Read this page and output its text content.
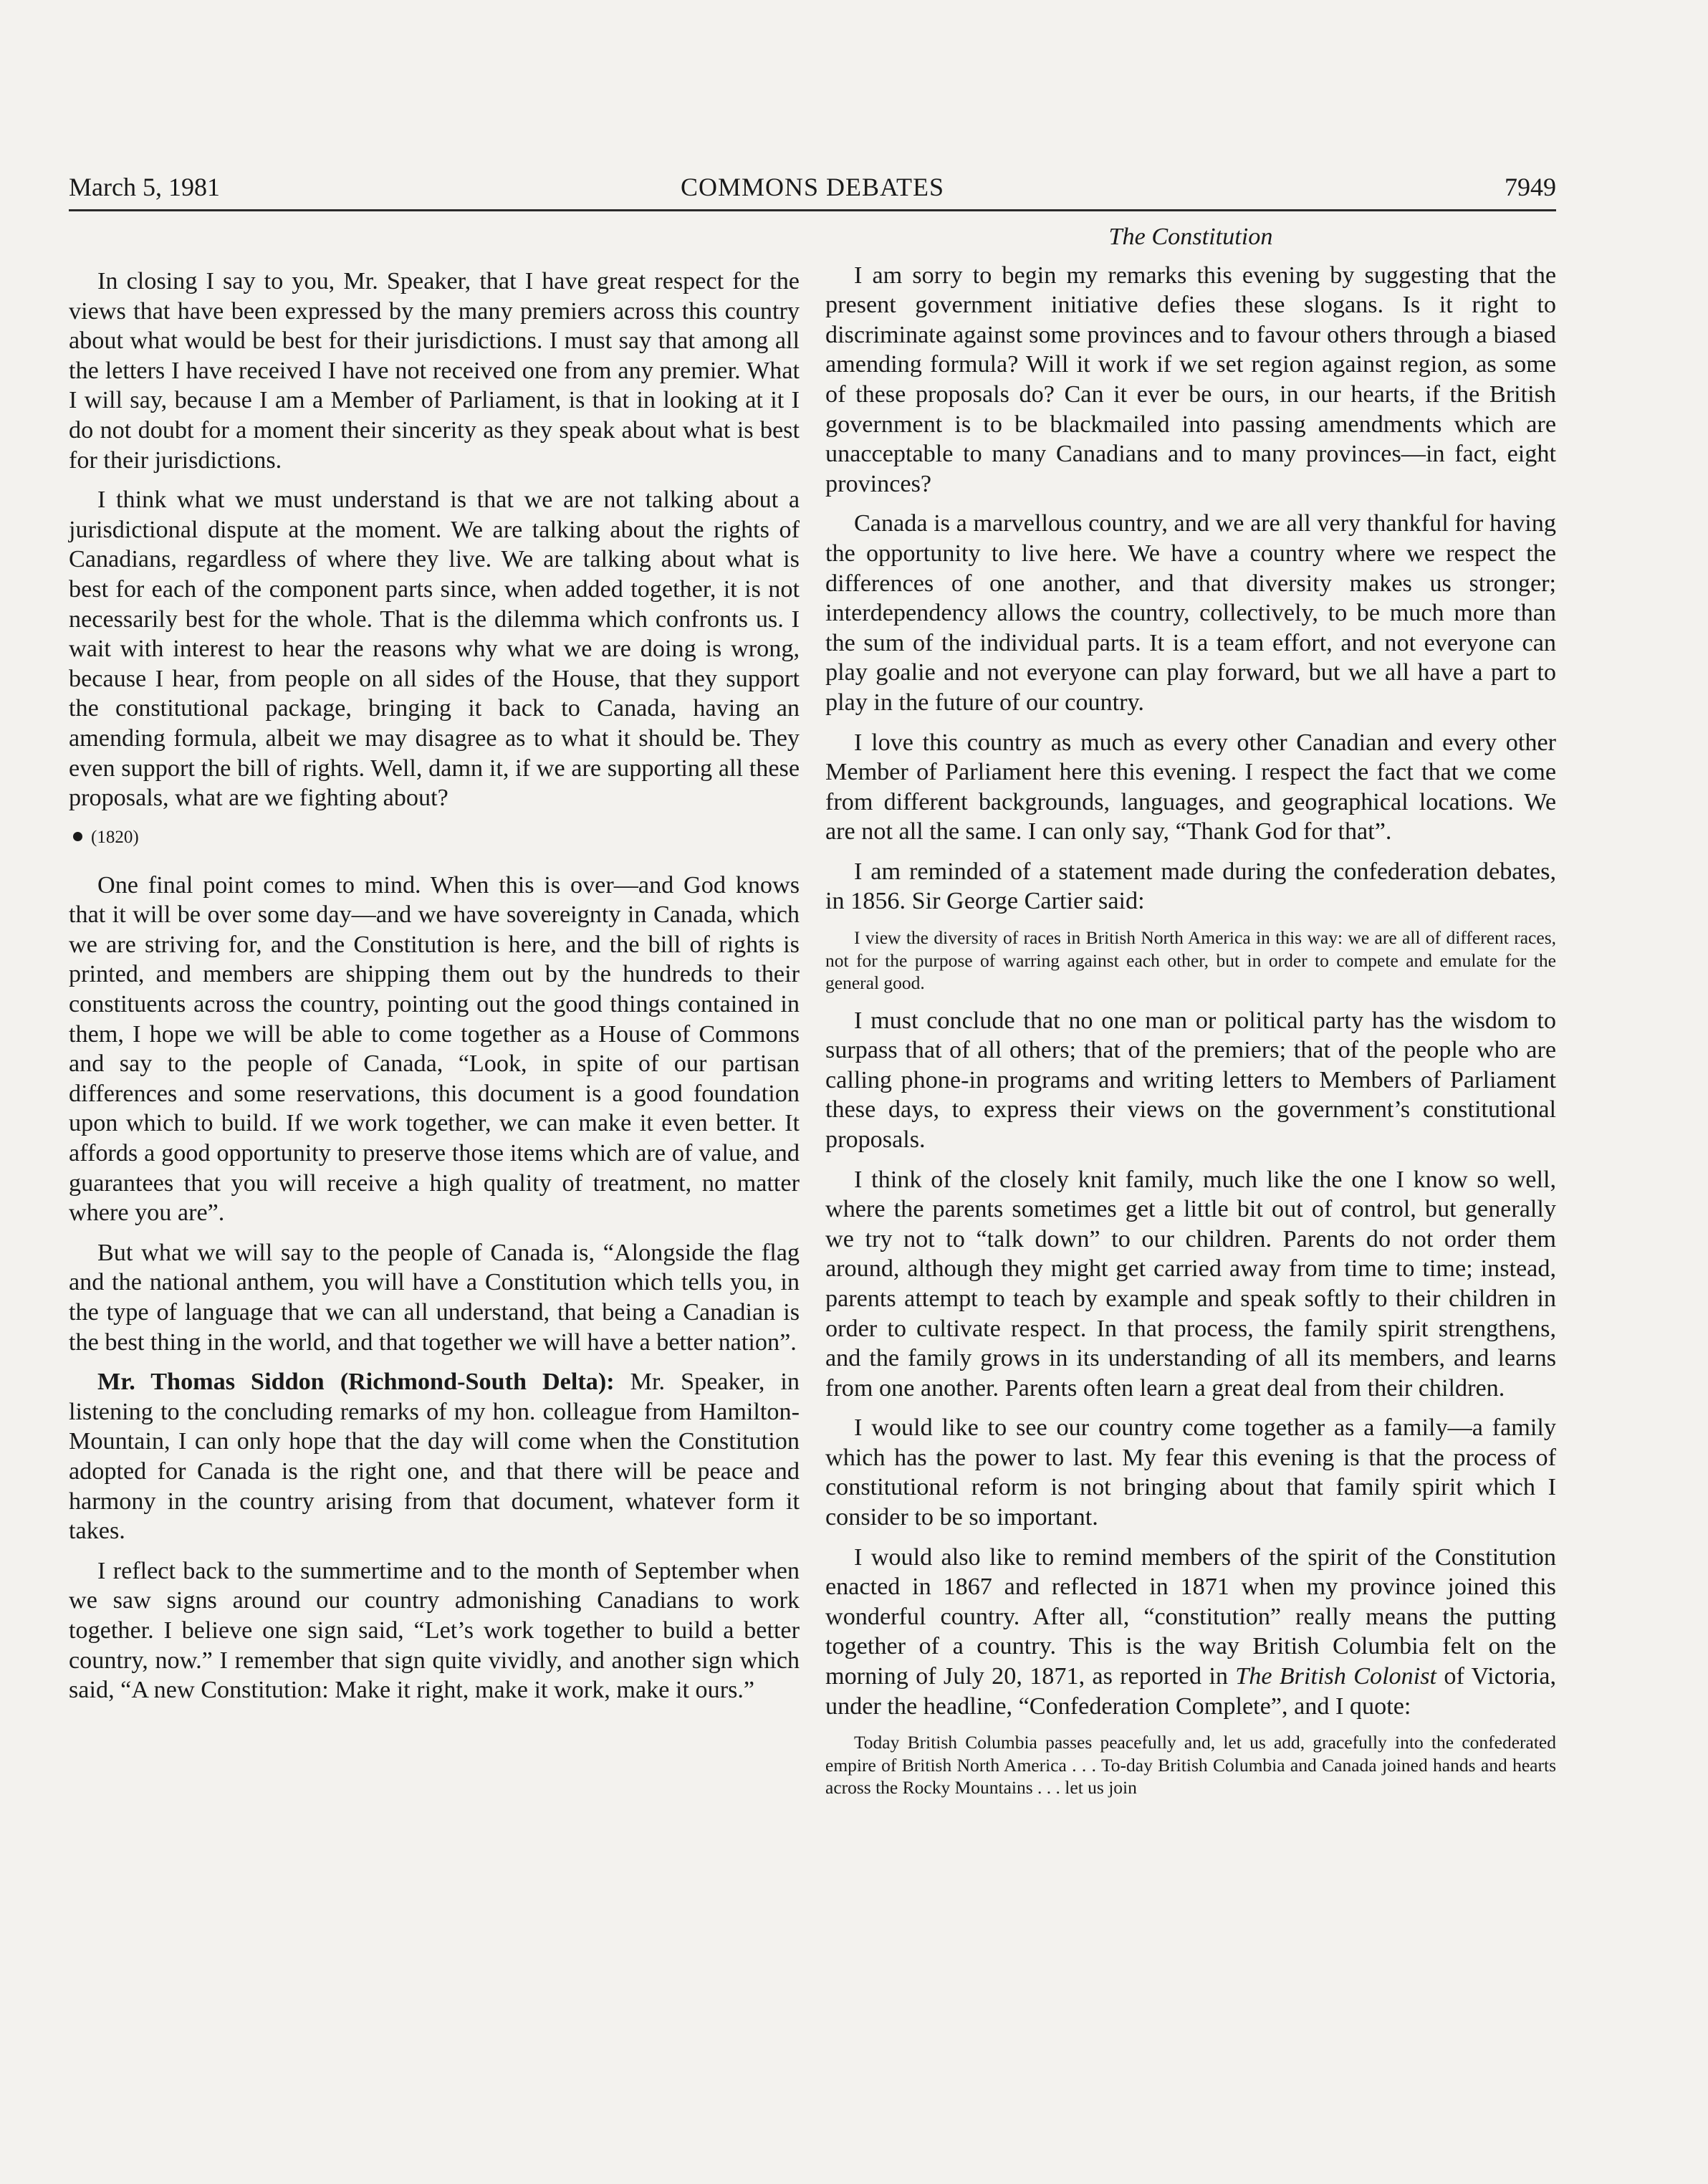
March 5, 1981	COMMONS DEBATES	7949

In closing I say to you, Mr. Speaker, that I have great respect for the views that have been expressed by the many premiers across this country about what would be best for their jurisdictions. I must say that among all the letters I have received I have not received one from any premier. What I will say, because I am a Member of Parliament, is that in looking at it I do not doubt for a moment their sincerity as they speak about what is best for their jurisdictions.

I think what we must understand is that we are not talking about a jurisdictional dispute at the moment. We are talking about the rights of Canadians, regardless of where they live. We are talking about what is best for each of the component parts since, when added together, it is not necessarily best for the whole. That is the dilemma which confronts us. I wait with interest to hear the reasons why what we are doing is wrong, because I hear, from people on all sides of the House, that they support the constitutional package, bringing it back to Canada, having an amending formula, albeit we may disagree as to what it should be. They even support the bill of rights. Well, damn it, if we are supporting all these proposals, what are we fighting about?

(1820)

One final point comes to mind. When this is over—and God knows that it will be over some day—and we have sovereignty in Canada, which we are striving for, and the Constitution is here, and the bill of rights is printed, and members are shipping them out by the hundreds to their constituents across the country, pointing out the good things contained in them, I hope we will be able to come together as a House of Commons and say to the people of Canada, “Look, in spite of our partisan differences and some reservations, this document is a good foundation upon which to build. If we work together, we can make it even better. It affords a good opportunity to preserve those items which are of value, and guarantees that you will receive a high quality of treatment, no matter where you are”.

But what we will say to the people of Canada is, “Alongside the flag and the national anthem, you will have a Constitution which tells you, in the type of language that we can all understand, that being a Canadian is the best thing in the world, and that together we will have a better nation”.

Mr. Thomas Siddon (Richmond-South Delta): Mr. Speaker, in listening to the concluding remarks of my hon. colleague from Hamilton-Mountain, I can only hope that the day will come when the Constitution adopted for Canada is the right one, and that there will be peace and harmony in the country arising from that document, whatever form it takes.

I reflect back to the summertime and to the month of September when we saw signs around our country admonishing Canadians to work together. I believe one sign said, “Let’s work together to build a better country, now.” I remember that sign quite vividly, and another sign which said, “A new Constitution: Make it right, make it work, make it ours.”

The Constitution

I am sorry to begin my remarks this evening by suggesting that the present government initiative defies these slogans. Is it right to discriminate against some provinces and to favour others through a biased amending formula? Will it work if we set region against region, as some of these proposals do? Can it ever be ours, in our hearts, if the British government is to be blackmailed into passing amendments which are unacceptable to many Canadians and to many provinces—in fact, eight provinces?

Canada is a marvellous country, and we are all very thankful for having the opportunity to live here. We have a country where we respect the differences of one another, and that diversity makes us stronger; interdependency allows the country, collectively, to be much more than the sum of the individual parts. It is a team effort, and not everyone can play goalie and not everyone can play forward, but we all have a part to play in the future of our country.

I love this country as much as every other Canadian and every other Member of Parliament here this evening. I respect the fact that we come from different backgrounds, languages, and geographical locations. We are not all the same. I can only say, “Thank God for that”.

I am reminded of a statement made during the confederation debates, in 1856. Sir George Cartier said:

I view the diversity of races in British North America in this way: we are all of different races, not for the purpose of warring against each other, but in order to compete and emulate for the general good.

I must conclude that no one man or political party has the wisdom to surpass that of all others; that of the premiers; that of the people who are calling phone-in programs and writing letters to Members of Parliament these days, to express their views on the government’s constitutional proposals.

I think of the closely knit family, much like the one I know so well, where the parents sometimes get a little bit out of control, but generally we try not to “talk down” to our children. Parents do not order them around, although they might get carried away from time to time; instead, parents attempt to teach by example and speak softly to their children in order to cultivate respect. In that process, the family spirit strengthens, and the family grows in its understanding of all its members, and learns from one another. Parents often learn a great deal from their children.

I would like to see our country come together as a family—a family which has the power to last. My fear this evening is that the process of constitutional reform is not bringing about that family spirit which I consider to be so important.

I would also like to remind members of the spirit of the Constitution enacted in 1867 and reflected in 1871 when my province joined this wonderful country. After all, “constitution” really means the putting together of a country. This is the way British Columbia felt on the morning of July 20, 1871, as reported in The British Colonist of Victoria, under the headline, “Confederation Complete”, and I quote:

Today British Columbia passes peacefully and, let us add, gracefully into the confederated empire of British North America . . . To-day British Columbia and Canada joined hands and hearts across the Rocky Mountains . . . let us join
